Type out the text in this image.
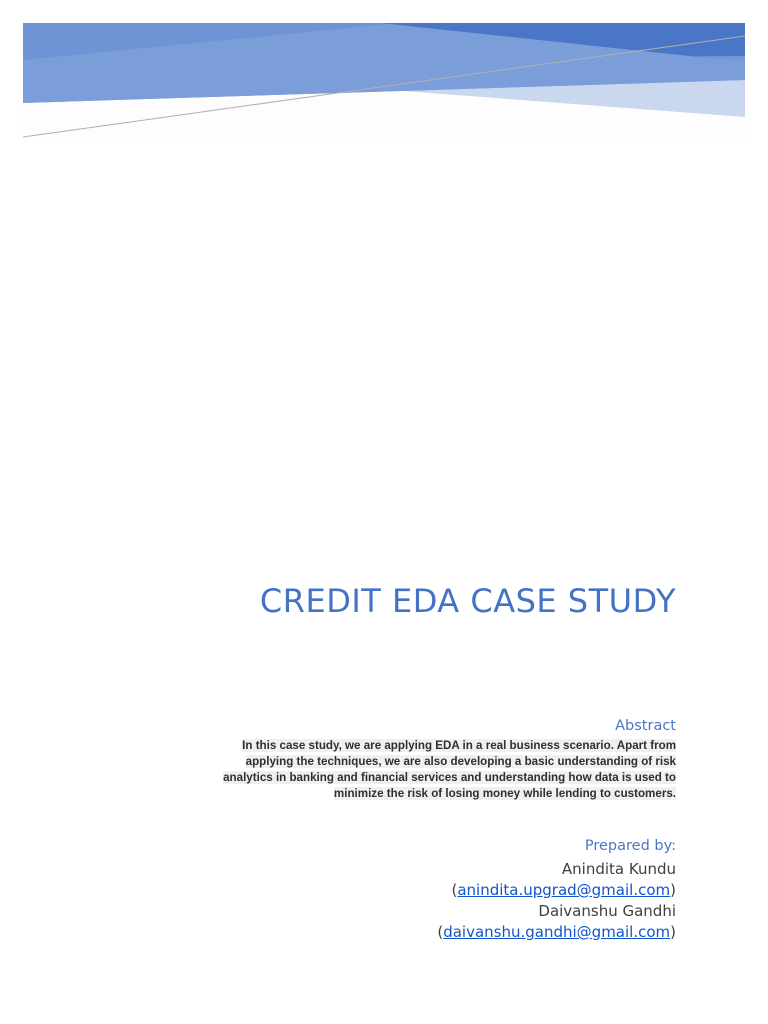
CREDIT EDA CASE STUDY
Abstract

In this case study, we are applying EDA in a real business scenario. Apart from applying the techniques, we are also developing a basic understanding of risk analytics in banking and financial services and understanding how data is used to minimize the risk of losing money while lending to customers.

Prepared by:
Anindita Kundu
(anindita.upgrad@gmail.com)
Daivanshu Gandhi
(daivanshu.gandhi@gmail.com)
